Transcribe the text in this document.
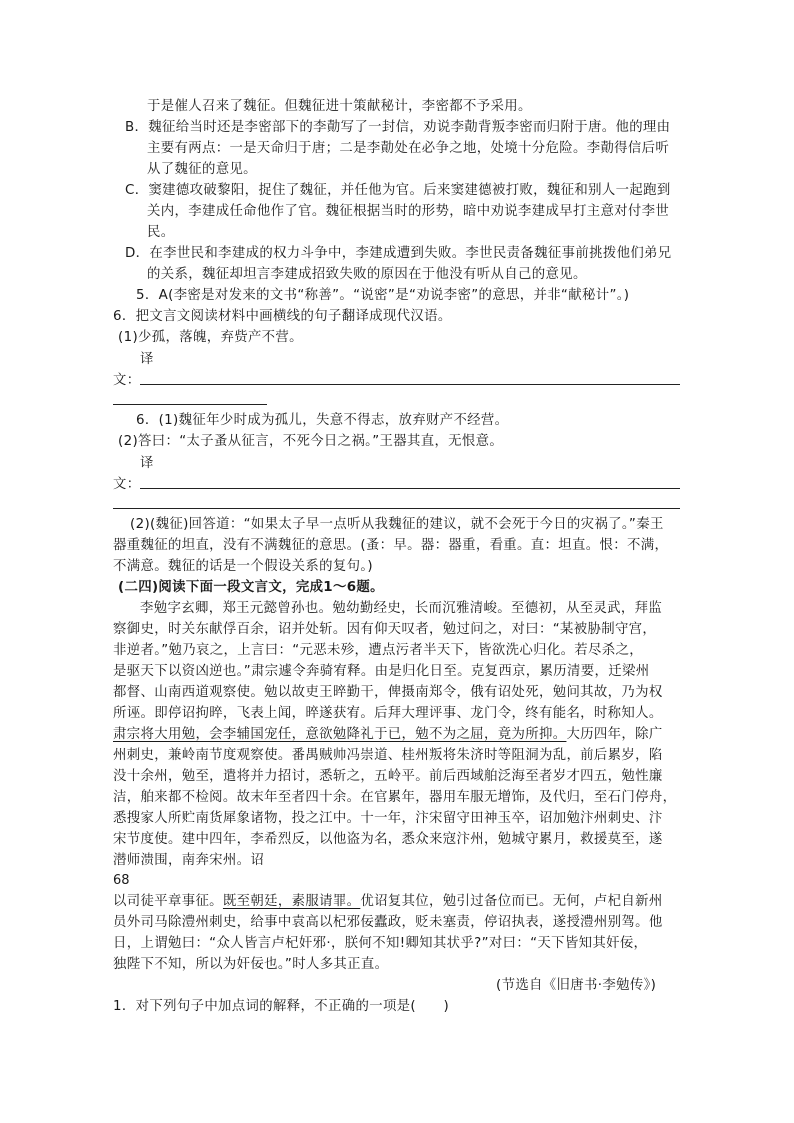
于是催人召来了魏征。但魏征进十策献秘计，李密都不予采用。
B．魏征给当时还是李密部下的李勣写了一封信，劝说李勣背叛李密而归附于唐。他的理由
主要有两点：一是天命归于唐；二是李勣处在必争之地，处境十分危险。李勣得信后听
从了魏征的意见。
C．窦建德攻破黎阳，捉住了魏征，并任他为官。后来窦建德被打败，魏征和别人一起跑到
关内，李建成任命他作了官。魏征根据当时的形势，暗中劝说李建成早打主意对付李世
民。
D．在李世民和李建成的权力斗争中，李建成遭到失败。李世民责备魏征事前挑拨他们弟兄
的关系，魏征却坦言李建成招致失败的原因在于他没有听从自己的意见。
5．A(李密是对发来的文书“称善”。“说密”是“劝说李密”的意思，并非“献秘计”。)
6．把文言文阅读材料中画横线的句子翻译成现代汉语。
(1)少孤，落魄，弃赀产不营。
译
文：
6．(1)魏征年少时成为孤儿，失意不得志，放弃财产不经营。
(2)答曰：“太子蚤从征言，不死今日之祸。”王器其直，无恨意。
译
文：
(2)(魏征)回答道：“如果太子早一点听从我魏征的建议，就不会死于今日的灾祸了。”秦王
器重魏征的坦直，没有不满魏征的意思。(蚤：早。器：器重，看重。直：坦直。恨：不满，
不满意。魏征的话是一个假设关系的复句。)
(二四)阅读下面一段文言文，完成1～6题。
李勉字玄卿，郑王元懿曾孙也。勉幼勤经史，长而沉雅清峻。至德初，从至灵武，拜监
察御史，时关东献俘百余，诏并处斩。因有仰天叹者，勉过问之，对曰：“某被胁制守宫，
非逆者。”勉乃哀之，上言曰：“元恶未殄，遭点污者半天下，皆欲洗心归化。若尽杀之，
是驱天下以资凶逆也。”肃宗遽令奔骑宥释。由是归化日至。克复西京，累历清要，迁梁州
都督、山南西道观察使。勉以故吏王晬勤干，俾摄南郑令，俄有诏处死，勉问其故，乃为权
所诬。即停诏拘晬，飞表上闻，晬遂获宥。后拜大理评事、龙门令，终有能名，时称知人。
肃宗将大用勉，会李辅国宠任，意欲勉降礼于已，勉不为之屈，竟为所抑。大历四年，除广
州刺史，兼岭南节度观察使。番禺贼帅冯崇道、桂州叛将朱济时等阻洞为乱，前后累岁，陷
没十余州，勉至，遣将并力招讨，悉斩之，五岭平。前后西域舶泛海至者岁才四五，勉性廉
洁，舶来都不检阅。故末年至者四十余。在官累年，器用车服无增饰，及代归，至石门停舟，
悉搜家人所贮南货犀象诸物，投之江中。十一年，汴宋留守田神玉卒，诏加勉汴州刺史、汴
宋节度使。建中四年，李希烈反，以他盗为名，悉众来寇汴州，勉城守累月，救援莫至，遂
潜师溃围，南奔宋州。诏
68
以司徒平章事征。既至朝廷，素服请罪。优诏复其位，勉引过备位而已。无何，卢杞自新州
员外司马除澧州刺史，给事中袁高以杞邪佞蠹政，贬未塞责，停诏执表，遂授澧州别驾。他
日，上谓勉曰：“众人皆言卢杞奸邪·，朕何不知!卿知其状乎?”对曰：“天下皆知其奸佞，
独陛下不知，所以为奸佞也。”时人多其正直。
(节选自《旧唐书·李勉传》)
1．对下列句子中加点词的解释，不正确的一项是(　　)
